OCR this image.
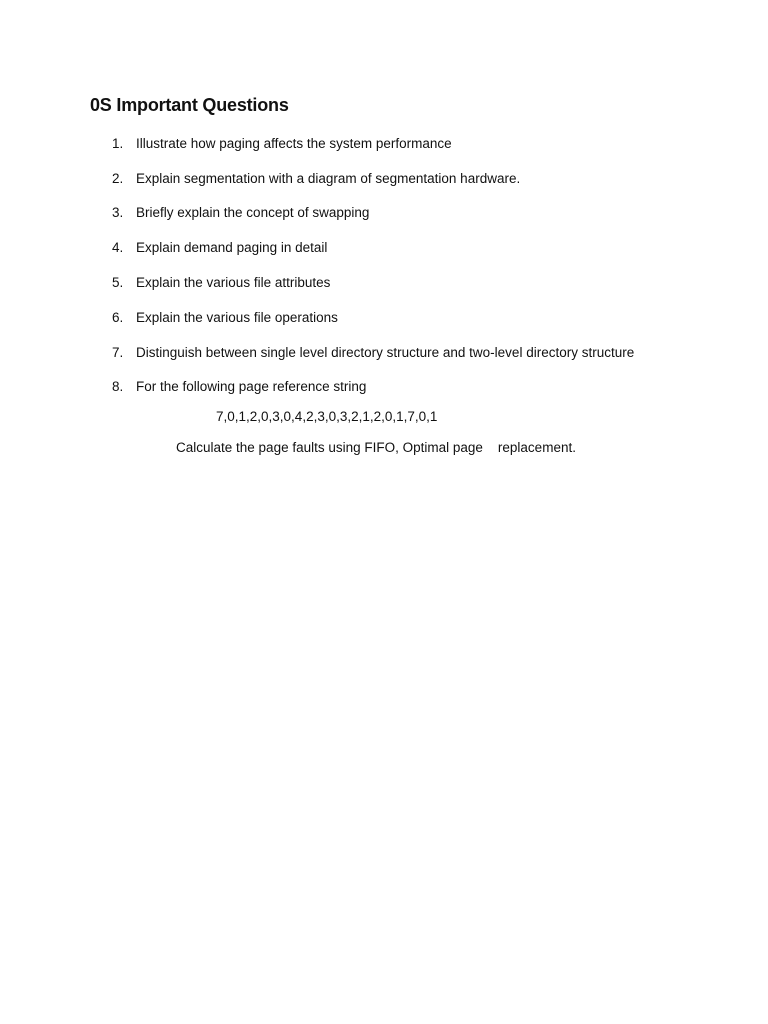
0S Important Questions
1. Illustrate how paging affects the system performance
2. Explain segmentation with a diagram of segmentation hardware.
3. Briefly explain the concept of swapping
4. Explain demand paging in detail
5. Explain the various file attributes
6. Explain the various file operations
7. Distinguish between single level directory structure and two-level directory structure
8. For the following page reference string
7,0,1,2,0,3,0,4,2,3,0,3,2,1,2,0,1,7,0,1
Calculate the page faults using FIFO, Optimal page    replacement.
